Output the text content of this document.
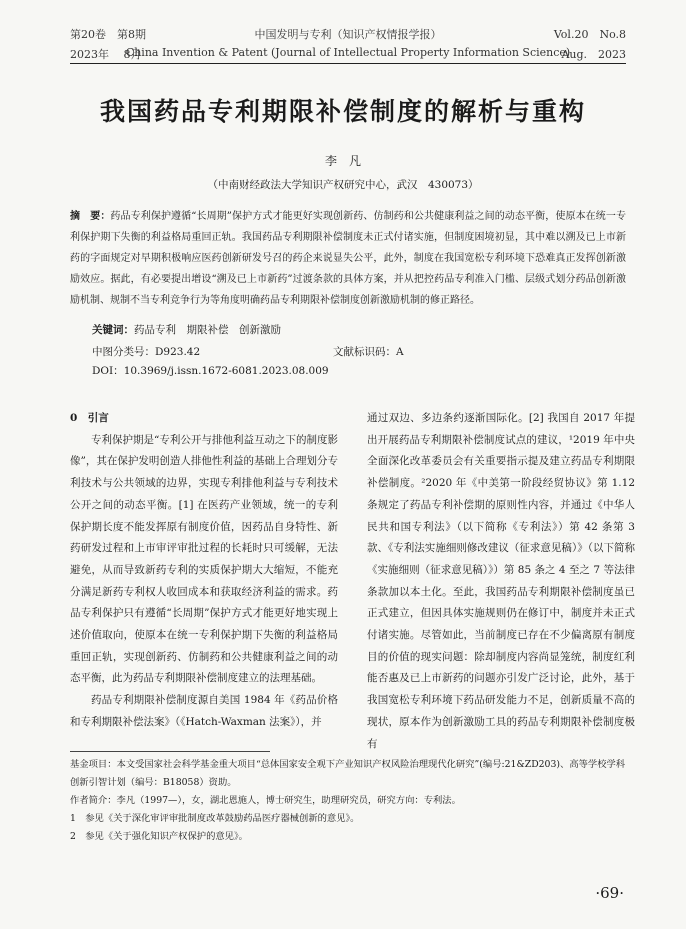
第20卷　第8期	中国发明与专利（知识产权情报学报）	Vol.20　No.8
2023年　 8月
China Invention & Patent (Journal of Intellectual Property Information Science)
Aug.　2023
我国药品专利期限补偿制度的解析与重构
李　凡
（中南财经政法大学知识产权研究中心，武汉　430073）
摘　要：药品专利保护遵循“长周期”保护方式才能更好实现创新药、仿制药和公共健康利益之间的动态平衡，使原本在统一专利保护期下失衡的利益格局重回正轨。我国药品专利期限补偿制度未正式付诸实施，但制度困境初显，其中难以溯及已上市新药的字面规定对早期积极响应医药创新研发号召的药企来说显失公平，此外，制度在我国宽松专利环境下恐难真正发挥创新激励效应。据此，有必要提出增设“溯及已上市新药”过渡条款的具体方案，并从把控药品专利准入门槛、层级式划分药品创新激励机制、规制不当专利竞争行为等角度明确药品专利期限补偿制度创新激励机制的修正路径。
关键词：药品专利　期限补偿　创新激励
中图分类号：D923.42	文献标识码：A
DOI：10.3969/j.issn.1672-6081.2023.08.009

0　引言

专利保护期是“专利公开与排他利益互动之下的制度影像”，其在保护发明创造人排他性利益的基础上合理划分专利技术与公共领域的边界，实现专利排他利益与专利技术公开之间的动态平衡。[1] 在医药产业领域，统一的专利保护期长度不能发挥原有制度价值，因药品自身特性、新药研发过程和上市审评审批过程的长耗时只可缓解，无法避免，从而导致新药专利的实质保护期大大缩短，不能充分满足新药专利权人收回成本和获取经济利益的需求。药品专利保护只有遵循“长周期”保护方式才能更好地实现上述价值取向，使原本在统一专利保护期下失衡的利益格局重回正轨，实现创新药、仿制药和公共健康利益之间的动态平衡，此为药品专利期限补偿制度建立的法理基础。

药品专利期限补偿制度源自美国 1984 年《药品价格和专利期限补偿法案》（《Hatch-Waxman 法案》），并

通过双边、多边条约逐渐国际化。[2] 我国自 2017 年提出开展药品专利期限补偿制度试点的建议，¹2019 年中央全面深化改革委员会有关重要指示提及建立药品专利期限补偿制度。²2020 年《中美第一阶段经贸协议》第 1.12 条规定了药品专利补偿期的原则性内容，并通过《中华人民共和国专利法》（以下简称《专利法》）第 42 条第 3 款、《专利法实施细则修改建议（征求意见稿）》（以下简称《实施细则（征求意见稿）》）第 85 条之 4 至之 7 等法律条款加以本土化。至此，我国药品专利期限补偿制度虽已正式建立，但因具体实施规则仍在修订中，制度并未正式付诸实施。尽管如此，当前制度已存在不少偏离原有制度目的价值的现实问题：除却制度内容尚显笼统，制度红利能否惠及已上市新药的问题亦引发广泛讨论，此外，基于我国宽松专利环境下药品研发能力不足，创新质量不高的现状，原本作为创新激励工具的药品专利期限补偿制度极有

基金项目：本文受国家社会科学基金重大项目“总体国家安全观下产业知识产权风险治理现代化研究”(编号:21&ZD203)、高等学校学科创新引智计划（编号：B18058）资助。
作者简介：李凡（1997—），女，湖北恩施人，博士研究生，助理研究员，研究方向：专利法。
1　参见《关于深化审评审批制度改革鼓励药品医疗器械创新的意见》。
2　参见《关于强化知识产权保护的意见》。
·69·
